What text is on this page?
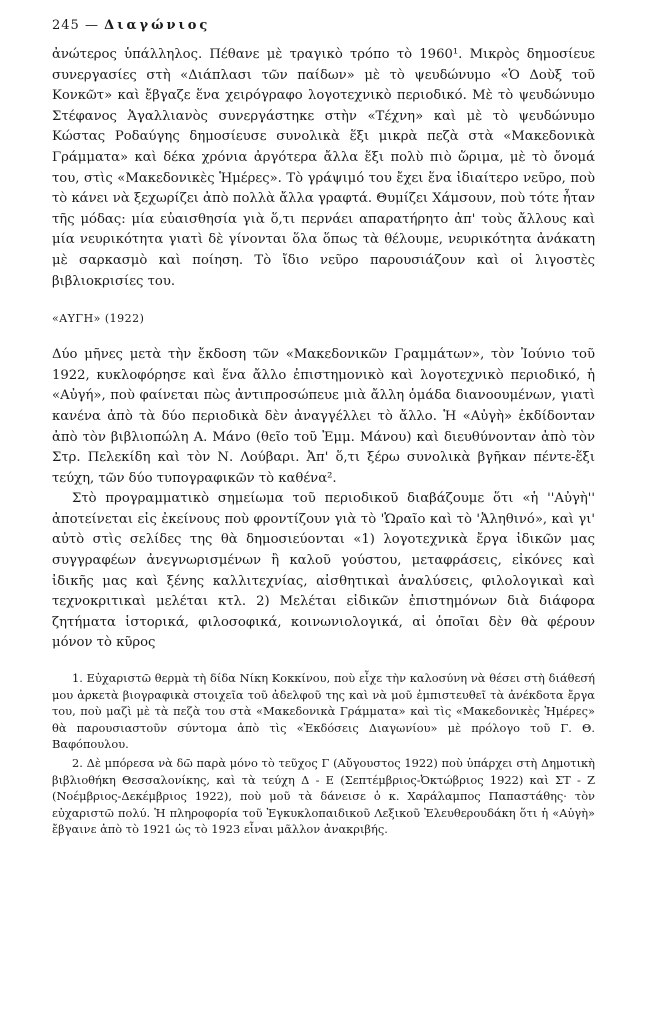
245 — Διαγώνιος

ἀνώτερος ὑπάλληλος. Πέθανε μὲ τραγικὸ τρόπο τὸ 1960¹. Μικρὸς δημοσίευε συνεργασίες στὴ «Διάπλασι τῶν παίδων» μὲ τὸ ψευδώνυμο «Ὁ Δοὺξ τοῦ Κονκῶτ» καὶ ἔβγαζε ἕνα χειρόγραφο λογοτεχνικὸ περιοδικό. Μὲ τὸ ψευδώνυμο Στέφανος Ἀγαλλιανὸς συνεργάστηκε στὴν «Τέχνη» καὶ μὲ τὸ ψευδώνυμο Κώστας Ροδαύγης δημοσίευσε συνολικὰ ἕξι μικρὰ πεζὰ στὰ «Μακεδονικὰ Γράμματα» καὶ δέκα χρόνια ἀργότερα ἄλλα ἕξι πολὺ πιὸ ὥριμα, μὲ τὸ ὄνομά του, στὶς «Μακεδονικὲς Ἡμέρες». Τὸ γράψιμό του ἔχει ἕνα ἰδιαίτερο νεῦρο, ποὺ τὸ κάνει νὰ ξεχωρίζει ἀπὸ πολλὰ ἄλλα γραφτά. Θυμίζει Χάμσουν, ποὺ τότε ἦταν τῆς μόδας: μία εὐαισθησία γιὰ ὅ,τι περνάει απαρατήρητο ἀπ' τοὺς ἄλλους καὶ μία νευρικότητα γιατὶ δὲ γίνονται ὅλα ὅπως τὰ θέλουμε, νευρικότητα ἀνάκατη μὲ σαρκασμὸ καὶ ποίηση. Τὸ ἴδιο νεῦρο παρουσιάζουν καὶ οἱ λιγοστὲς βιβλιοκρισίες του.

«ΑΥΓΗ» (1922)

Δύο μῆνες μετὰ τὴν ἔκδοση τῶν «Μακεδονικῶν Γραμμάτων», τὸν Ἰούνιο τοῦ 1922, κυκλοφόρησε καὶ ἕνα ἄλλο ἐπιστημονικὸ καὶ λογοτεχνικὸ περιοδικό, ἡ «Αὐγή», ποὺ φαίνεται πὼς ἀντιπροσώπευε μιὰ ἄλλη ὁμάδα διανοουμένων, γιατὶ κανένα ἀπὸ τὰ δύο περιοδικὰ δὲν ἀναγγέλλει τὸ ἄλλο. Ἡ «Αὐγὴ» ἐκδίδονταν ἀπὸ τὸν βιβλιοπώλη Α. Μάνο (θεῖο τοῦ Ἐμμ. Μάνου) καὶ διευθύνονταν ἀπὸ τὸν Στρ. Πελεκίδη καὶ τὸν Ν. Λούβαρι. Ἀπ' ὅ,τι ξέρω συνολικὰ βγῆκαν πέντε-ἕξι τεύχη, τῶν δύο τυπογραφικῶν τὸ καθένα².

Στὸ προγραμματικὸ σημείωμα τοῦ περιοδικοῦ διαβάζουμε ὅτι «ἡ ''Αὐγὴ'' ἀποτείνεται εἰς ἐκείνους ποὺ φροντίζουν γιὰ τὸ 'Ὡραῖο καὶ τὸ 'Ἀληθινό», καὶ γι' αὐτὸ στὶς σελίδες της θὰ δημοσιεύονται «1) λογοτεχνικὰ ἔργα ἰδικῶν μας συγγραφέων ἀνεγνωρισμένων ἢ καλοῦ γούστου, μεταφράσεις, εἰκόνες καὶ ἰδικῆς μας καὶ ξένης καλλιτεχνίας, αἰσθητικαὶ ἀναλύσεις, φιλολογικαὶ καὶ τεχνοκριτικαὶ μελέται κτλ. 2) Μελέται εἰδικῶν ἐπιστημόνων διὰ διάφορα ζητήματα ἱστορικά, φιλοσοφικά, κοινωνιολογικά, αἱ ὁποῖαι δὲν θὰ φέρουν μόνον τὸ κῦρος

1. Εὐχαριστῶ θερμὰ τὴ δίδα Νίκη Κοκκίνου, ποὺ εἶχε τὴν καλοσύνη νὰ θέσει στὴ διάθεσή μου ἀρκετὰ βιογραφικὰ στοιχεῖα τοῦ ἀδελφοῦ της καὶ νὰ μοῦ ἐμπιστευθεῖ τὰ ἀνέκδοτα ἔργα του, ποὺ μαζὶ μὲ τὰ πεζὰ του στὰ «Μακεδονικὰ Γράμματα» καὶ τὶς «Μακεδονικὲς Ἡμέρες» θὰ παρουσιαστοῦν σύντομα ἀπὸ τὶς «Ἐκδόσεις Διαγωνίου» μὲ πρόλογο τοῦ Γ. Θ. Βαφόπουλου.

2. Δὲ μπόρεσα νὰ δῶ παρὰ μόνο τὸ τεῦχος Γ (Αὔγουστος 1922) ποὺ ὑπάρχει στὴ Δημοτικὴ βιβλιοθήκη Θεσσαλονίκης, καὶ τὰ τεύχη Δ - Ε (Σεπτέμβριος-Ὀκτώβριος 1922) καὶ ΣΤ - Ζ (Νοέμβριος-Δεκέμβριος 1922), ποὺ μοῦ τὰ δάνεισε ὁ κ. Χαράλαμπος Παπαστάθης· τὸν εὐχαριστῶ πολύ. Ἡ πληροφορία τοῦ Ἐγκυκλοπαιδικοῦ Λεξικοῦ Ἐλευθερουδάκη ὅτι ἡ «Αὐγὴ» ἔβγαινε ἀπὸ τὸ 1921 ὡς τὸ 1923 εἶναι μᾶλλον ἀνακριβής.
